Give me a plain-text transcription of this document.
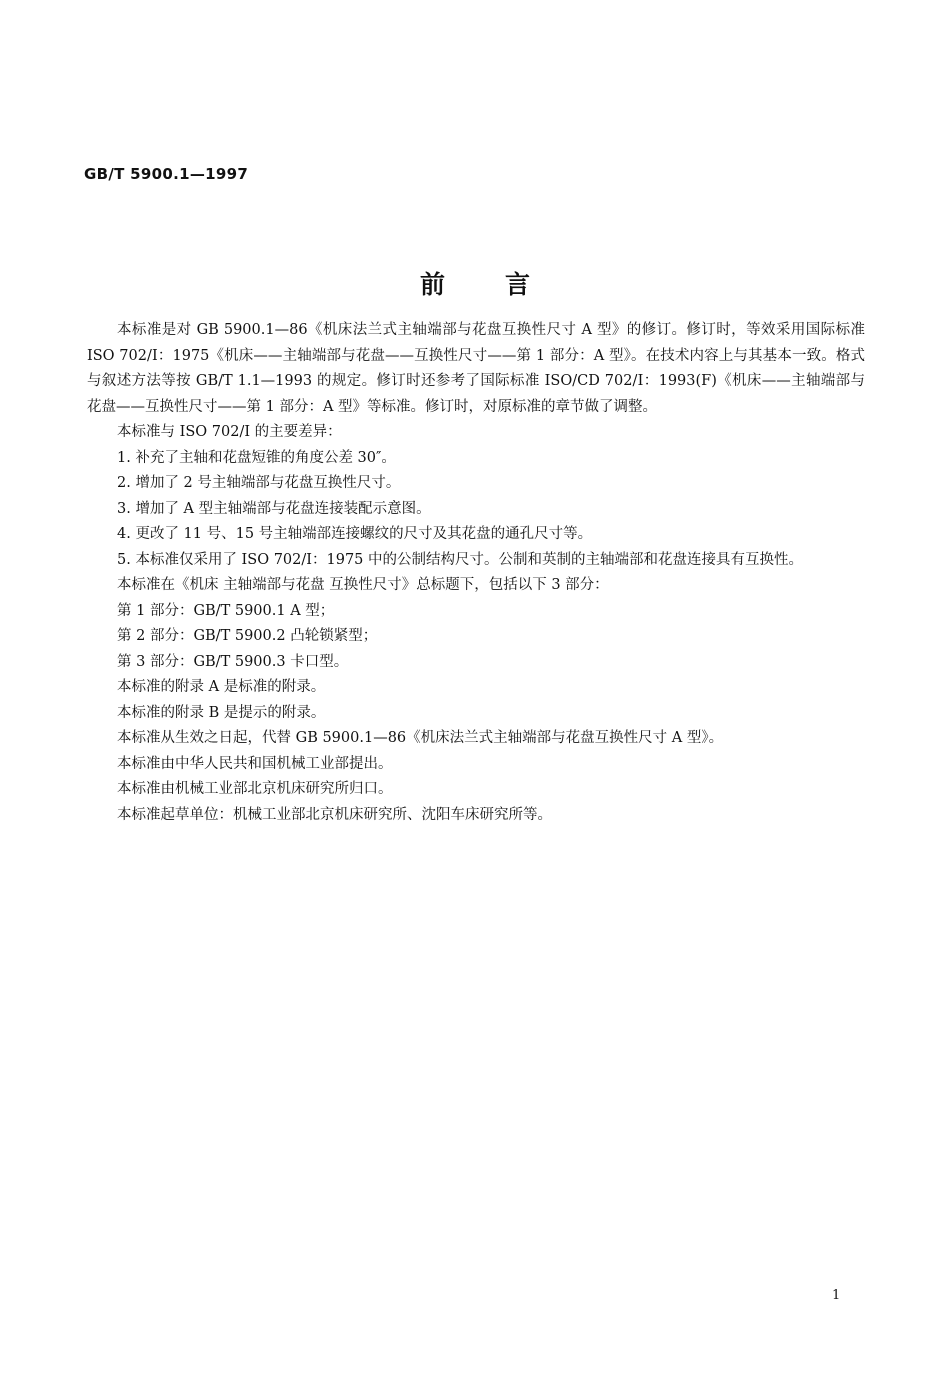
GB/T 5900.1—1997
前言

本标准是对 GB 5900.1—86《机床法兰式主轴端部与花盘互换性尺寸 A 型》的修订。修订时，等效采用国际标准 ISO 702/Ⅰ：1975《机床——主轴端部与花盘——互换性尺寸——第 1 部分：A 型》。在技术内容上与其基本一致。格式与叙述方法等按 GB/T 1.1—1993 的规定。修订时还参考了国际标准 ISO/CD 702/Ⅰ：1993(F)《机床——主轴端部与花盘——互换性尺寸——第 1 部分：A 型》等标准。修订时，对原标准的章节做了调整。

本标准与 ISO 702/Ⅰ 的主要差异：

1. 补充了主轴和花盘短锥的角度公差 30″。

2. 增加了 2 号主轴端部与花盘互换性尺寸。

3. 增加了 A 型主轴端部与花盘连接装配示意图。

4. 更改了 11 号、15 号主轴端部连接螺纹的尺寸及其花盘的通孔尺寸等。

5. 本标准仅采用了 ISO 702/Ⅰ：1975 中的公制结构尺寸。公制和英制的主轴端部和花盘连接具有互换性。

本标准在《机床 主轴端部与花盘 互换性尺寸》总标题下，包括以下 3 部分：

第 1 部分：GB/T 5900.1 A 型；

第 2 部分：GB/T 5900.2 凸轮锁紧型；

第 3 部分：GB/T 5900.3 卡口型。

本标准的附录 A 是标准的附录。

本标准的附录 B 是提示的附录。

本标准从生效之日起，代替 GB 5900.1—86《机床法兰式主轴端部与花盘互换性尺寸 A 型》。

本标准由中华人民共和国机械工业部提出。

本标准由机械工业部北京机床研究所归口。

本标准起草单位：机械工业部北京机床研究所、沈阳车床研究所等。

1
